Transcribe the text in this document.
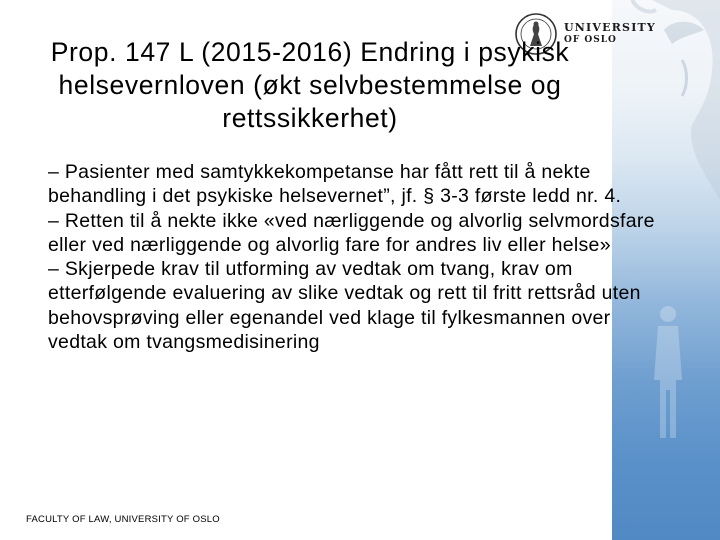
UNIVERSITY
OF OSLO
Prop. 147 L (2015-2016) Endring i psykisk helsevernloven (økt selvbestemmelse og rettssikkerhet)

– Pasienter med samtykkekompetanse har fått rett til å nekte behandling i det psykiske helsevernet”, jf. § 3-3 første ledd nr. 4.

– Retten til å nekte ikke «ved nærliggende og alvorlig selvmordsfare eller ved nærliggende og alvorlig fare for andres liv eller helse»

– Skjerpede krav til utforming av vedtak om tvang, krav om etterfølgende evaluering av slike vedtak og rett til fritt rettsråd uten behovsprøving eller egenandel ved klage til fylkesmannen over vedtak om tvangsmedisinering

FACULTY OF LAW, UNIVERSITY OF OSLO
